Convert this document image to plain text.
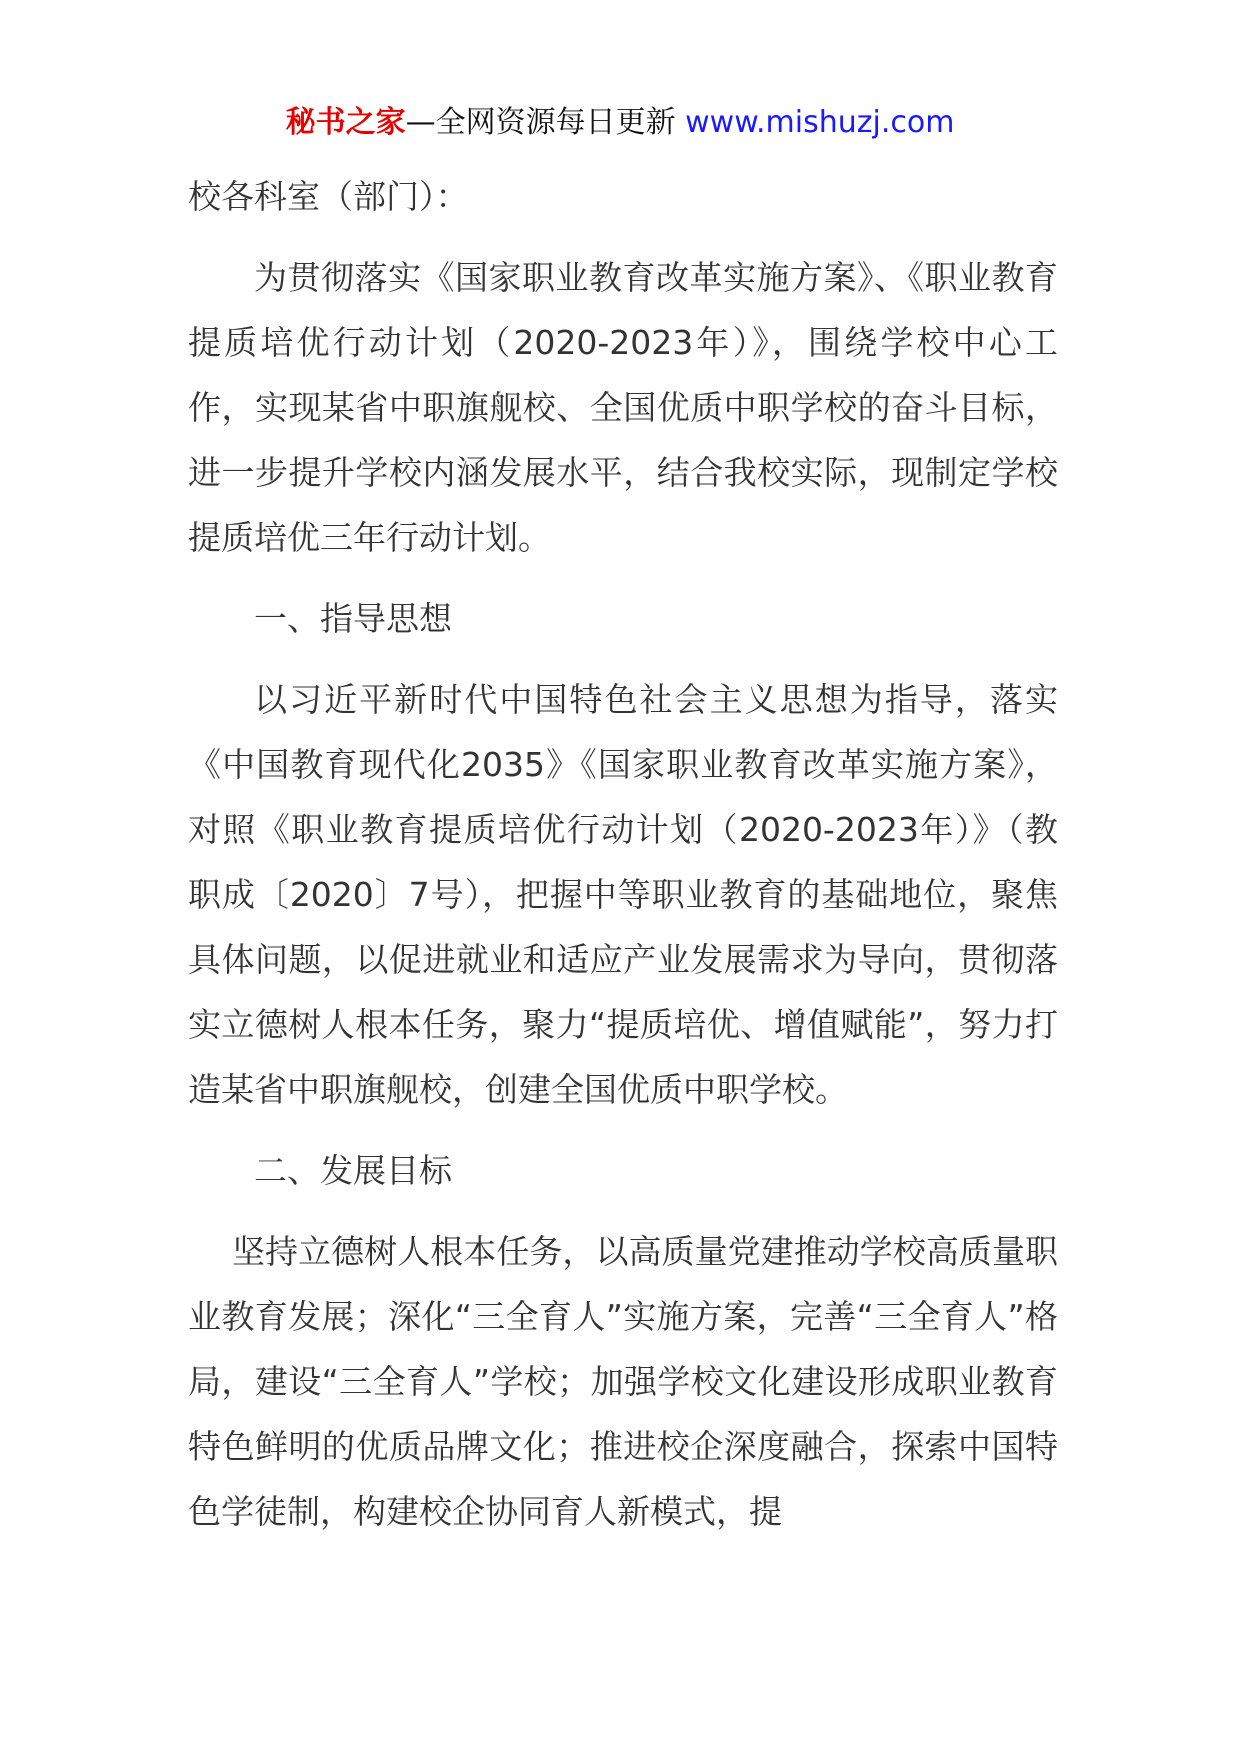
秘书之家—全网资源每日更新 www.mishuzj.com

校各科室（部门）：

为贯彻落实《国家职业教育改革实施方案》、《职业教育提质培优行动计划（2020-2023年）》，围绕学校中心工作，实现某省中职旗舰校、全国优质中职学校的奋斗目标，进一步提升学校内涵发展水平，结合我校实际，现制定学校提质培优三年行动计划。

一、指导思想

以习近平新时代中国特色社会主义思想为指导，落实《中国教育现代化2035》《国家职业教育改革实施方案》，对照《职业教育提质培优行动计划（2020-2023年）》（教职成〔2020〕7号），把握中等职业教育的基础地位，聚焦具体问题，以促进就业和适应产业发展需求为导向，贯彻落实立德树人根本任务，聚力“提质培优、增值赋能”，努力打造某省中职旗舰校，创建全国优质中职学校。

二、发展目标

坚持立德树人根本任务，以高质量党建推动学校高质量职业教育发展；深化“三全育人”实施方案，完善“三全育人”格局，建设“三全育人”学校；加强学校文化建设形成职业教育特色鲜明的优质品牌文化；推进校企深度融合，探索中国特色学徒制，构建校企协同育人新模式，提
